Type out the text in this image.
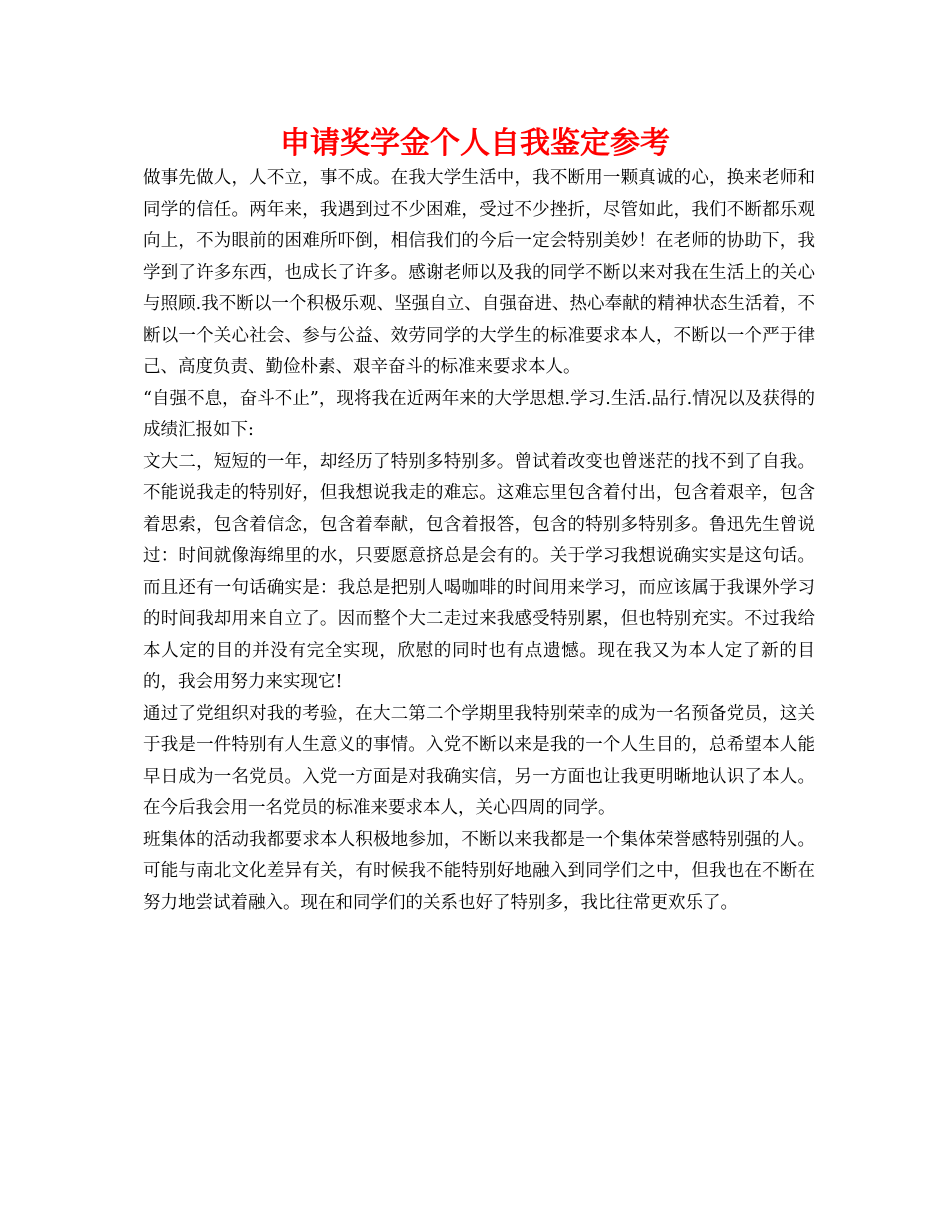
申请奖学金个人自我鉴定参考

做事先做人，人不立，事不成。在我大学生活中，我不断用一颗真诚的心，换来老师和同学的信任。两年来，我遇到过不少困难，受过不少挫折，尽管如此，我们不断都乐观向上，不为眼前的困难所吓倒，相信我们的今后一定会特别美妙！在老师的协助下，我学到了许多东西，也成长了许多。感谢老师以及我的同学不断以来对我在生活上的关心与照顾.我不断以一个积极乐观、坚强自立、自强奋进、热心奉献的精神状态生活着，不断以一个关心社会、参与公益、效劳同学的大学生的标准要求本人，不断以一个严于律己、高度负责、勤俭朴素、艰辛奋斗的标准来要求本人。

“自强不息，奋斗不止”，现将我在近两年来的大学思想.学习.生活.品行.情况以及获得的成绩汇报如下:

文大二，短短的一年，却经历了特别多特别多。曾试着改变也曾迷茫的找不到了自我。不能说我走的特别好，但我想说我走的难忘。这难忘里包含着付出，包含着艰辛，包含着思索，包含着信念，包含着奉献，包含着报答，包含的特别多特别多。鲁迅先生曾说过：时间就像海绵里的水，只要愿意挤总是会有的。关于学习我想说确实实是这句话。而且还有一句话确实是：我总是把别人喝咖啡的时间用来学习，而应该属于我课外学习的时间我却用来自立了。因而整个大二走过来我感受特别累，但也特别充实。不过我给本人定的目的并没有完全实现，欣慰的同时也有点遗憾。现在我又为本人定了新的目的，我会用努力来实现它!

通过了党组织对我的考验，在大二第二个学期里我特别荣幸的成为一名预备党员，这关于我是一件特别有人生意义的事情。入党不断以来是我的一个人生目的，总希望本人能早日成为一名党员。入党一方面是对我确实信，另一方面也让我更明晰地认识了本人。在今后我会用一名党员的标准来要求本人，关心四周的同学。

班集体的活动我都要求本人积极地参加，不断以来我都是一个集体荣誉感特别强的人。可能与南北文化差异有关，有时候我不能特别好地融入到同学们之中，但我也在不断在努力地尝试着融入。现在和同学们的关系也好了特别多，我比往常更欢乐了。
